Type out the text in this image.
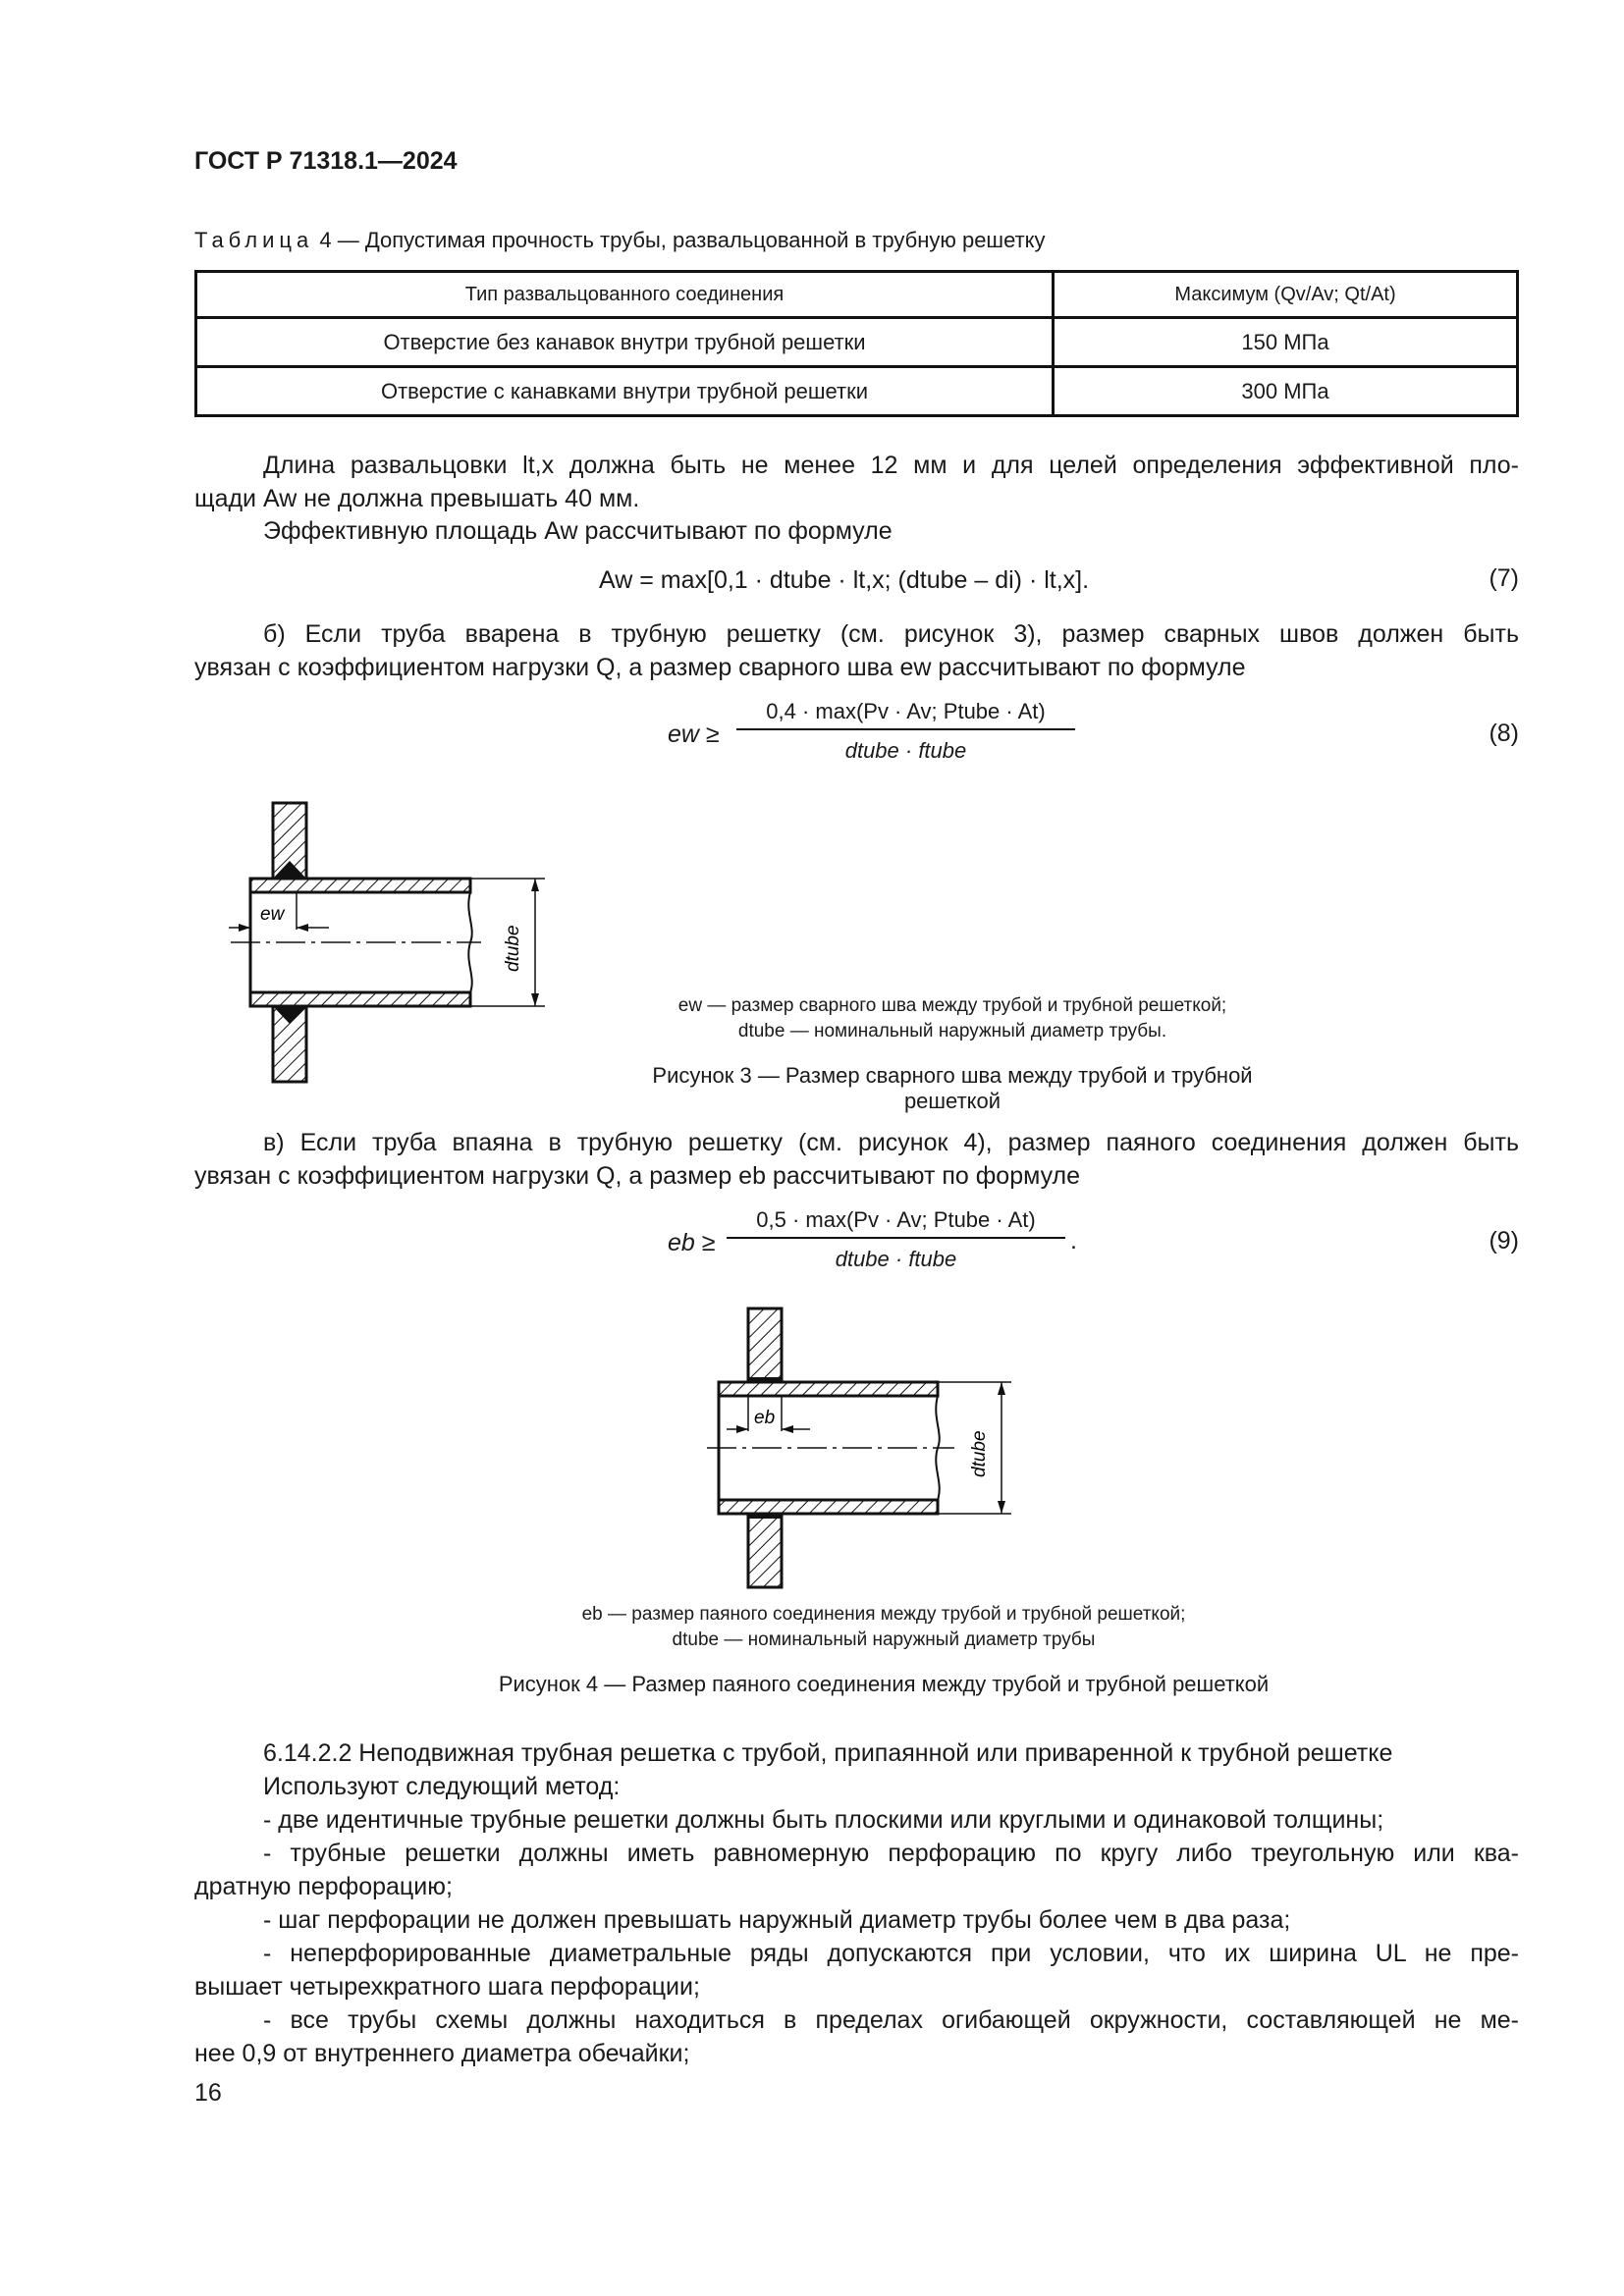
ГОСТ Р 71318.1—2024
Таблица 4 — Допустимая прочность трубы, развальцованной в трубную решетку
Тип развальцованного соединения	Максимум (Qv/Av; Qt/At)
Отверстие без канавок внутри трубной решетки	150 МПа
Отверстие с канавками внутри трубной решетки	300 МПа
Длина развальцовки lt,x должна быть не менее 12 мм и для целей определения эффективной пло-
щади Aw не должна превышать 40 мм.
Эффективную площадь Aw рассчитывают по формуле
Aw = max[0,1 · dtube · lt,x; (dtube – di) · lt,x].	(7)
б) Если труба вварена в трубную решетку (см. рисунок 3), размер сварных швов должен быть
увязан с коэффициентом нагрузки Q, а размер сварного шва ew рассчитывают по формуле
ew ≥
0,4 · max(Pv · Av; Ptube · At)
dtube · ftube
(8)
ew
dtube
ew — размер сварного шва между трубой и трубной решеткой;
dtube — номинальный наружный диаметр трубы.
Рисунок 3 — Размер сварного шва между трубой и трубной решеткой
в) Если труба впаяна в трубную решетку (см. рисунок 4), размер паяного соединения должен быть
увязан с коэффициентом нагрузки Q, а размер eb рассчитывают по формуле
eb ≥
0,5 · max(Pv · Av; Ptube · At)
dtube · ftube
.	(9)
eb
dtube
eb — размер паяного соединения между трубой и трубной решеткой;
dtube — номинальный наружный диаметр трубы
Рисунок 4 — Размер паяного соединения между трубой и трубной решеткой
6.14.2.2 Неподвижная трубная решетка с трубой, припаянной или приваренной к трубной решетке
Используют следующий метод:
- две идентичные трубные решетки должны быть плоскими или круглыми и одинаковой толщины;
- трубные решетки должны иметь равномерную перфорацию по кругу либо треугольную или ква-
дратную перфорацию;
- шаг перфорации не должен превышать наружный диаметр трубы более чем в два раза;
- неперфорированные диаметральные ряды допускаются при условии, что их ширина UL не пре-
вышает четырехкратного шага перфорации;
- все трубы схемы должны находиться в пределах огибающей окружности, составляющей не ме-
нее 0,9 от внутреннего диаметра обечайки;
16
